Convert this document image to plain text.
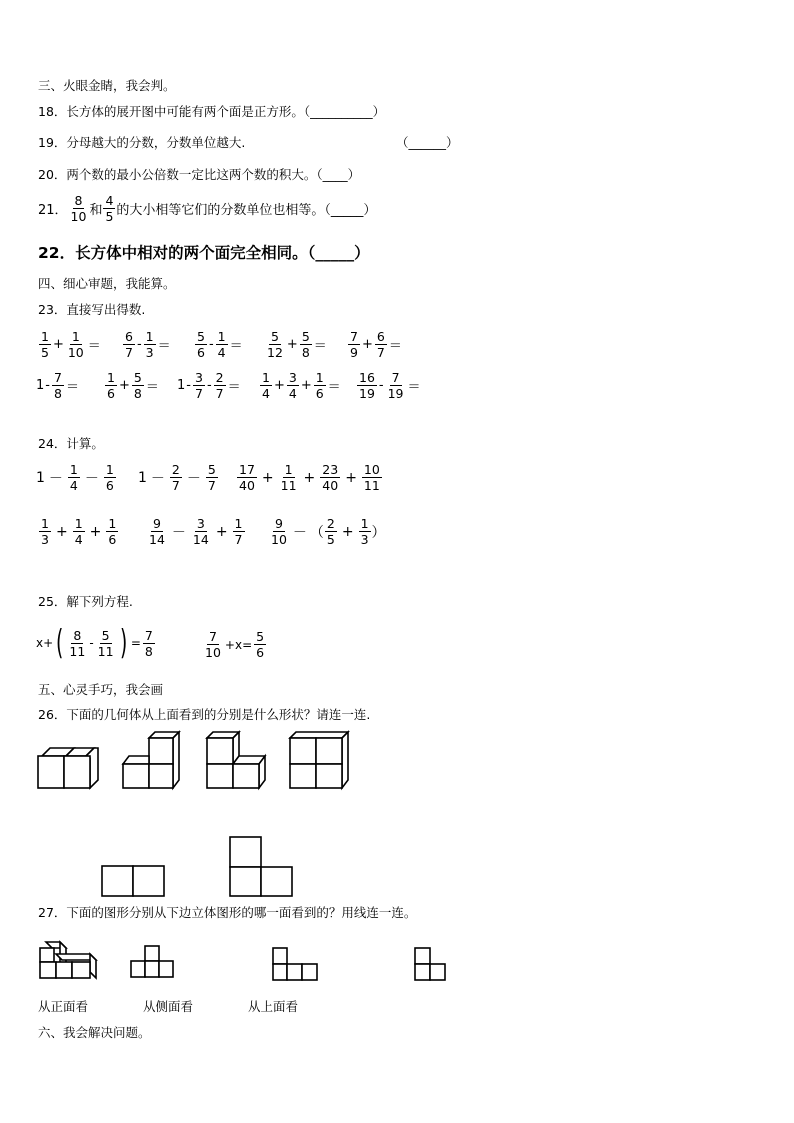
三、火眼金睛，我会判。
18．长方体的展开图中可能有两个面是正方形。（__________）
19．分母越大的分数，分数单位越大.	（______）
20．两个数的最小公倍数一定比这两个数的积大。（____）
21． $\frac{8}{10}$ 和 $\frac{4}{5}$ 的大小相等它们的分数单位也相等。（_____）
22．长方体中相对的两个面完全相同。（_____）
四、细心审题，我能算。
23．直接写出得数.
$\frac{1}{5} + \frac{1}{10} = \frac{6}{7} - \frac{1}{3} = \frac{5}{6} - \frac{1}{4} = \frac{5}{12} + \frac{5}{8} = \frac{7}{9} + \frac{6}{7}$ ＝
$1 - \frac{7}{8} = \frac{1}{6} + \frac{5}{8} = 1 - \frac{3}{7} - \frac{2}{7} = \frac{1}{4} + \frac{3}{4} + \frac{1}{6} = \frac{16}{19} - \frac{7}{19}$ ＝
24．计算。
$1 - \frac{1}{4} - \frac{1}{6} 1 - \frac{2}{7} - \frac{5}{7} \frac{17}{40} + \frac{1}{11} + \frac{23}{40} + \frac{10}{11}$
$\frac{1}{3} + \frac{1}{4} + \frac{1}{6} \frac{9}{14} - \frac{3}{14} + \frac{1}{7} \frac{9}{10}$ － （ $\frac{2}{5} + \frac{1}{3}$ ）
25．解下列方程.
x+ ( $\frac{8}{11} - \frac{5}{11}$ ) = $\frac{7}{8}$	$\frac{7}{10} +x= \frac{5}{6}$
五、心灵手巧，我会画
26．下面的几何体从上面看到的分别是什么形状？请连一连.
27．下面的图形分别从下边立体图形的哪一面看到的？用线连一连。
从正面看	从侧面看	从上面看
六、我会解决问题。
